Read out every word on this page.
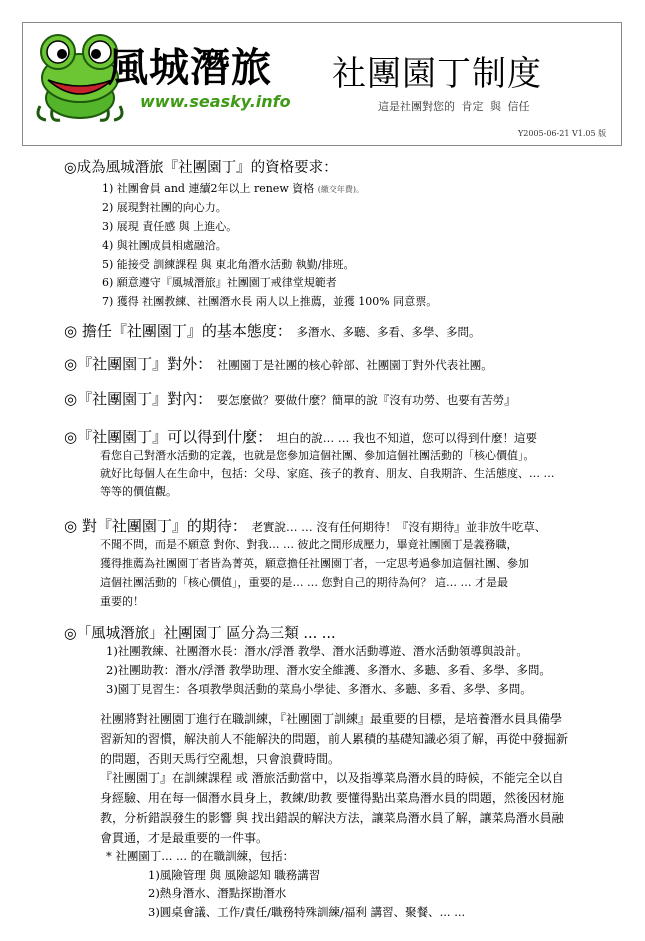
風城潛旅
www.seasky.info
社團園丁制度
這是社團對您的 肯定 與 信任
Y2005-06-21 V1.05 版
◎成為風城潛旅『社團園丁』的資格要求：
1) 社團會員 and 連續2年以上 renew 資格 (繳交年費)。
2) 展現對社團的向心力。
3) 展現 責任感 與 上進心。
4) 與社團成員相處融洽。
5) 能接受 訓練課程 與 東北角潛水活動 執勤/排班。
6) 願意遵守『風城潛旅』社團園丁戒律堂規範者
7) 獲得 社團教練、社團潛水長 兩人以上推薦，並獲 100% 同意票。
◎ 擔任『社團園丁』的基本態度： 多潛水、多聽、多看、多學、多問。
◎『社團園丁』對外： 社團園丁是社團的核心幹部、社團園丁對外代表社團。
◎『社團園丁』對內： 要怎麼做？要做什麼？簡單的說『沒有功勞、也要有苦勞』
◎『社團園丁』可以得到什麼： 坦白的說… … 我也不知道，您可以得到什麼！這要
看您自己對潛水活動的定義，也就是您參加這個社團、參加這個社團活動的「核心價值」。
就好比每個人在生命中，包括：父母、家庭、孩子的教育、朋友、自我期許、生活態度、… …
等等的價值觀。
◎ 對『社團園丁』的期待： 老實說… … 沒有任何期待！『沒有期待』並非放牛吃草、
不聞不問，而是不願意 對你、對我… … 彼此之間形成壓力，畢竟社團園丁是義務職，
獲得推薦為社團園丁者皆為菁英，願意擔任社團園丁者，一定思考過參加這個社團、參加
這個社團活動的「核心價值」，重要的是… … 您對自己的期待為何？ 這… … 才是最
重要的！
◎「風城潛旅」社團園丁 區分為三類 ... ...
1)社團教練、社團潛水長：潛水/浮潛 教學、潛水活動導遊、潛水活動領導與設計。
2)社團助教：潛水/浮潛 教學助理、潛水安全維護、多潛水、多聽、多看、多學、多問。
3)園丁見習生：各項教學與活動的菜鳥小學徒、多潛水、多聽、多看、多學、多問。
社團將對社團園丁進行在職訓練，『社團園丁訓練』最重要的目標，是培養潛水員具備學
習新知的習慣，解決前人不能解決的問題，前人累積的基礎知識必須了解，再從中發掘新
的問題，否則天馬行空亂想，只會浪費時間。
『社團園丁』在訓練課程 或 潛旅活動當中，以及指導菜鳥潛水員的時候，不能完全以自
身經驗、用在每一個潛水員身上，教練/助教 要懂得點出菜鳥潛水員的問題，然後因材施
教，分析錯誤發生的影響 與 找出錯誤的解決方法，讓菜鳥潛水員了解，讓菜鳥潛水員融
會貫通，才是最重要的一件事。
* 社團園丁... ... 的在職訓練，包括：
1)風險管理 與 風險認知 職務講習
2)熱身潛水、潛點探勘潛水
3)圓桌會議、工作/責任/職務特殊訓練/福利 講習、聚餐、... ...
